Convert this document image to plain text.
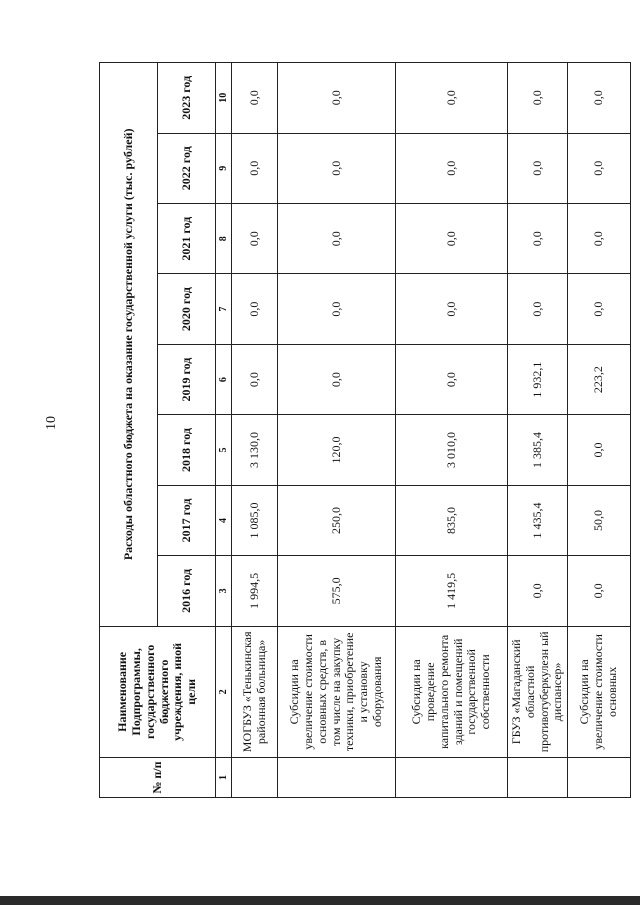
10
№ п/п	Наименование Подпрограммы, государственного бюджетного учреждения, иной цели	Расходы областного бюджета на оказание государственной услуги (тыс. рублей)							
		2016 год	2017 год	2018 год	2019 год	2020 год	2021 год	2022 год	2023 год
1	2	3	4	5	6	7	8	9	10
	МОГБУЗ «Тенькинская районная больница»	1 994,5	1 085,0	3 130,0	0,0	0,0	0,0	0,0	0,0
	Субсидии на увеличение стоимости основных средств, в том числе на закупку техники, приобретение и установку оборудования	575,0	250,0	120,0	0,0	0,0	0,0	0,0	0,0
	Субсидии на проведение капитального ремонта зданий и помещений государственной собственности	1 419,5	835,0	3 010,0	0,0	0,0	0,0	0,0	0,0
	ГБУЗ «Магаданский областной противотуберкулезн ый диспансер»	0,0	1 435,4	1 385,4	1 932,1	0,0	0,0	0,0	0,0
	Субсидии на увеличение стоимости основных	0,0	50,0	0,0	223,2	0,0	0,0	0,0	0,0
